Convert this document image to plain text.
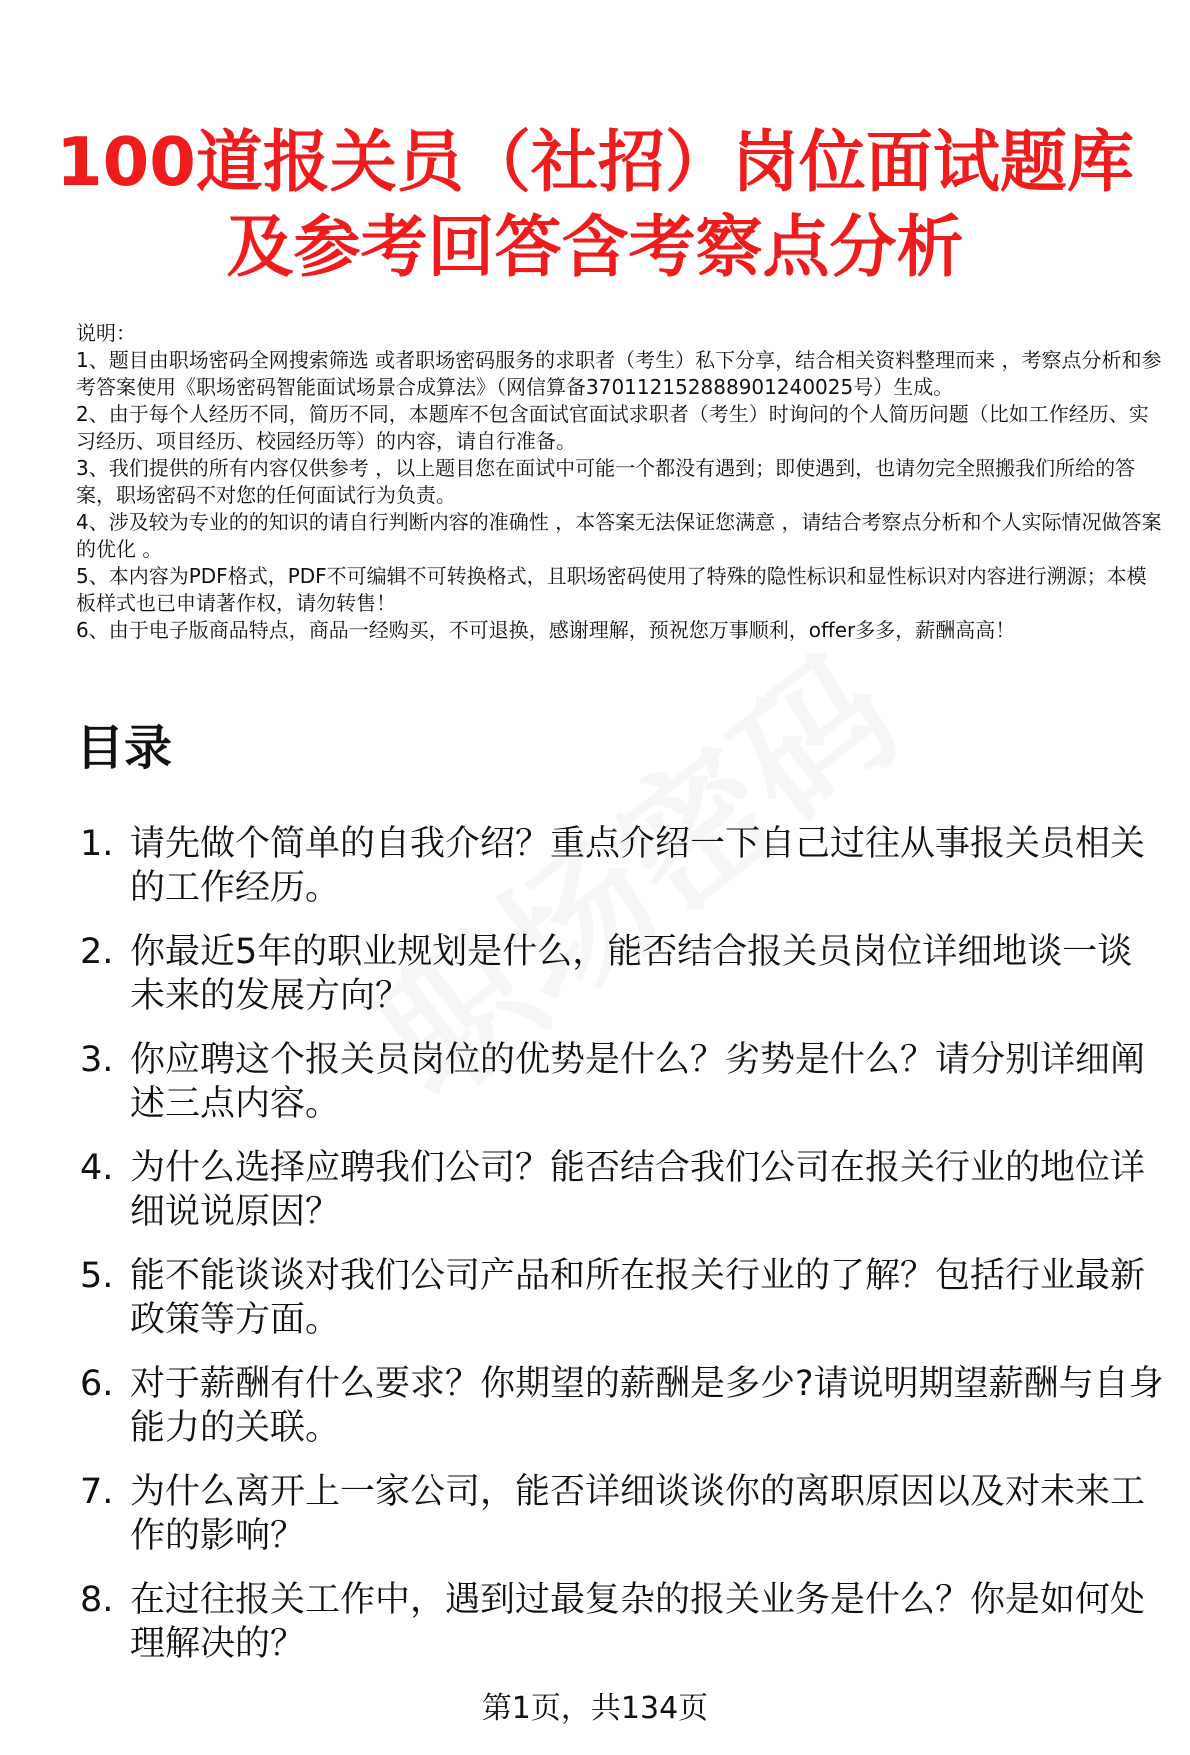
100道报关员（社招）岗位面试题库
及参考回答含考察点分析

说明：

1、题目由职场密码全网搜索筛选 或者职场密码服务的求职者（考生）私下分享，结合相关资料整理而来 ，考察点分析和参考答案使用《职场密码智能面试场景合成算法》（网信算备370112152888901240025号）生成。

2、由于每个人经历不同，简历不同，本题库不包含面试官面试求职者（考生）时询问的个人简历问题（比如工作经历、实习经历、项目经历、校园经历等）的内容，请自行准备。

3、我们提供的所有内容仅供参考 ，以上题目您在面试中可能一个都没有遇到；即使遇到，也请勿完全照搬我们所给的答案，职场密码不对您的任何面试行为负责。

4、涉及较为专业的的知识的请自行判断内容的准确性 ，本答案无法保证您满意 ，请结合考察点分析和个人实际情况做答案的优化 。

5、本内容为PDF格式，PDF不可编辑不可转换格式，且职场密码使用了特殊的隐性标识和显性标识对内容进行溯源；本模板样式也已申请著作权，请勿转售！

6、由于电子版商品特点，商品一经购买，不可退换，感谢理解，预祝您万事顺利，offer多多，薪酬高高！

目录
1. 请先做个简单的自我介绍？重点介绍一下自己过往从事报关员相关的工作经历。
2. 你最近5年的职业规划是什么，能否结合报关员岗位详细地谈一谈未来的发展方向？
3. 你应聘这个报关员岗位的优势是什么？劣势是什么？请分别详细阐述三点内容。
4. 为什么选择应聘我们公司？能否结合我们公司在报关行业的地位详细说说原因？
5. 能不能谈谈对我们公司产品和所在报关行业的了解？包括行业最新政策等方面。
6. 对于薪酬有什么要求？你期望的薪酬是多少?请说明期望薪酬与自身能力的关联。
7. 为什么离开上一家公司，能否详细谈谈你的离职原因以及对未来工作的影响？
8. 在过往报关工作中，遇到过最复杂的报关业务是什么？你是如何处理解决的？
第1页，共134页
